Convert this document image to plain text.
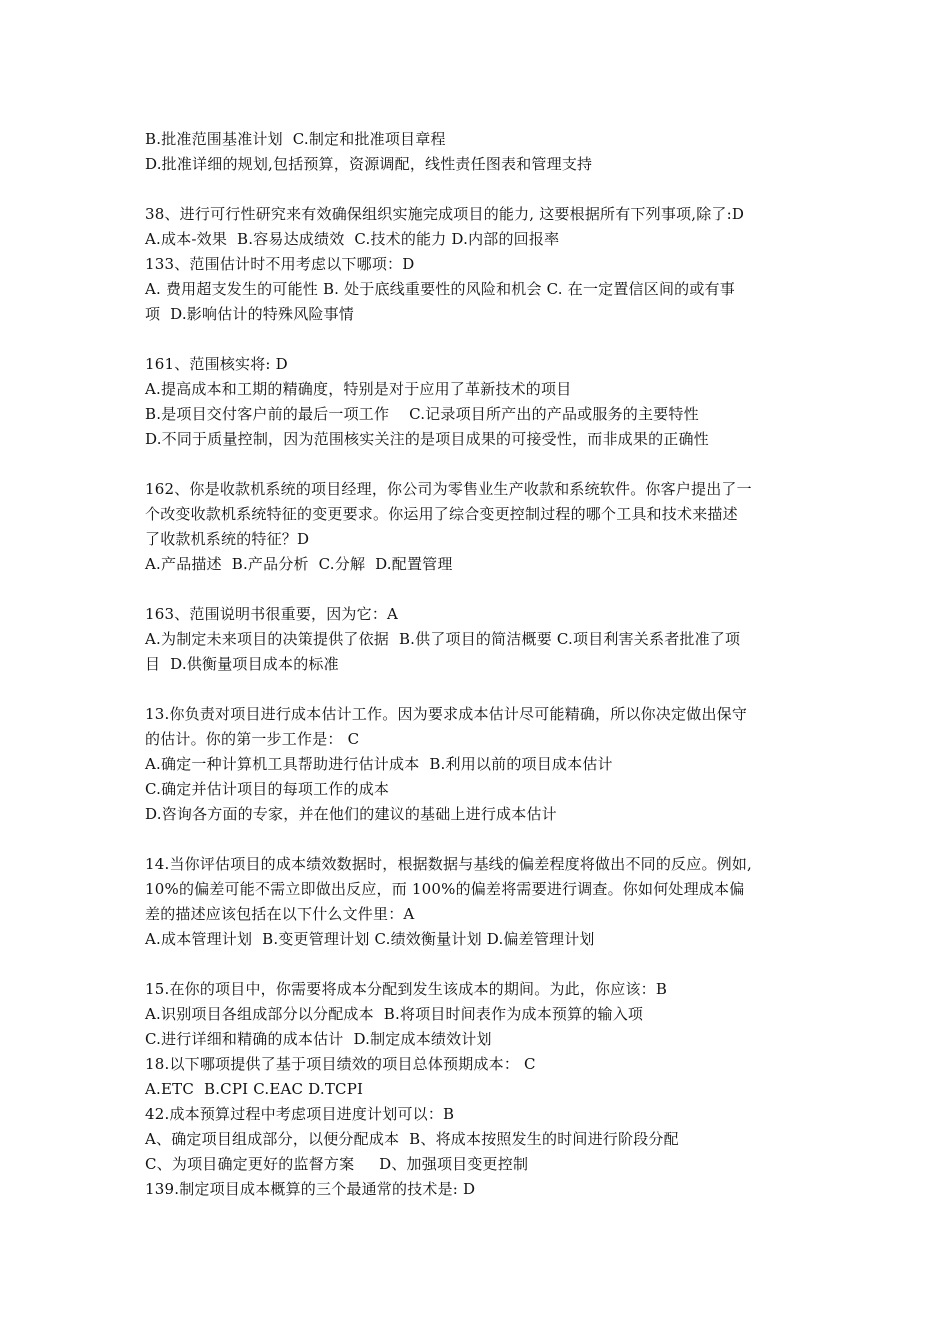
B.批准范围基准计划  C.制定和批准项目章程
D.批准详细的规划,包括预算，资源调配，线性责任图表和管理支持
38、进行可行性研究来有效确保组织实施完成项目的能力, 这要根据所有下列事项,除了:D
A.成本-效果  B.容易达成绩效  C.技术的能力 D.内部的回报率
133、范围估计时不用考虑以下哪项：D
A. 费用超支发生的可能性 B. 处于底线重要性的风险和机会 C. 在一定置信区间的或有事
项  D.影响估计的特殊风险事情
161、范围核实将: D
A.提高成本和工期的精确度，特别是对于应用了革新技术的项目
B.是项目交付客户前的最后一项工作    C.记录项目所产出的产品或服务的主要特性
D.不同于质量控制，因为范围核实关注的是项目成果的可接受性，而非成果的正确性
162、你是收款机系统的项目经理，你公司为零售业生产收款和系统软件。你客户提出了一
个改变收款机系统特征的变更要求。你运用了综合变更控制过程的哪个工具和技术来描述
了收款机系统的特征？D
A.产品描述  B.产品分析  C.分解  D.配置管理
163、范围说明书很重要，因为它：A
A.为制定未来项目的决策提供了依据  B.供了项目的简洁概要 C.项目利害关系者批准了项
目  D.供衡量项目成本的标准
13.你负责对项目进行成本估计工作。因为要求成本估计尽可能精确，所以你决定做出保守
的估计。你的第一步工作是： C
A.确定一种计算机工具帮助进行估计成本  B.利用以前的项目成本估计
C.确定并估计项目的每项工作的成本
D.咨询各方面的专家，并在他们的建议的基础上进行成本估计
14.当你评估项目的成本绩效数据时，根据数据与基线的偏差程度将做出不同的反应。例如,
10%的偏差可能不需立即做出反应，而 100%的偏差将需要进行调查。你如何处理成本偏
差的描述应该包括在以下什么文件里：A
A.成本管理计划  B.变更管理计划 C.绩效衡量计划 D.偏差管理计划
15.在你的项目中，你需要将成本分配到发生该成本的期间。为此，你应该：B
A.识别项目各组成部分以分配成本  B.将项目时间表作为成本预算的输入项
C.进行详细和精确的成本估计  D.制定成本绩效计划
18.以下哪项提供了基于项目绩效的项目总体预期成本： C
A.ETC  B.CPI C.EAC D.TCPI
42.成本预算过程中考虑项目进度计划可以：B
A、确定项目组成部分，以便分配成本  B、将成本按照发生的时间进行阶段分配
C、为项目确定更好的监督方案     D、加强项目变更控制
139.制定项目成本概算的三个最通常的技术是: D
